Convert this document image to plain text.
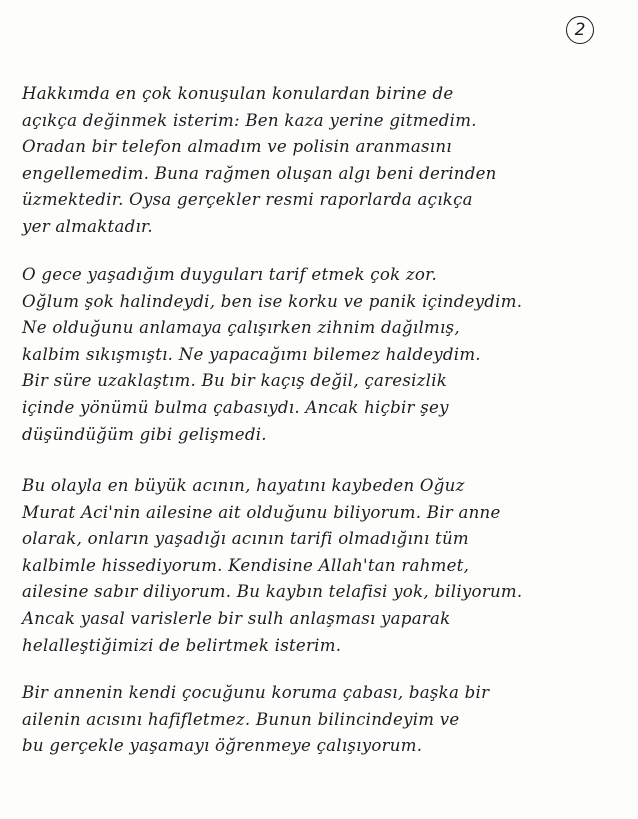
2
Hakkımda en çok konuşulan konulardan birine de
açıkça değinmek isterim: Ben kaza yerine gitmedim.
Oradan bir telefon almadım ve polisin aranmasını
engellemedim. Buna rağmen oluşan algı beni derinden
üzmektedir. Oysa gerçekler resmi raporlarda açıkça
yer almaktadır.
O gece yaşadığım duyguları tarif etmek çok zor.
Oğlum şok halindeydi, ben ise korku ve panik içindeydim.
Ne olduğunu anlamaya çalışırken zihnim dağılmış,
kalbim sıkışmıştı. Ne yapacağımı bilemez haldeydim.
Bir süre uzaklaştım. Bu bir kaçış değil, çaresizlik
içinde yönümü bulma çabasıydı. Ancak hiçbir şey
düşündüğüm gibi gelişmedi.
Bu olayla en büyük acının, hayatını kaybeden Oğuz
Murat Aci'nin ailesine ait olduğunu biliyorum. Bir anne
olarak, onların yaşadığı acının tarifi olmadığını tüm
kalbimle hissediyorum. Kendisine Allah'tan rahmet,
ailesine sabır diliyorum. Bu kaybın telafisi yok, biliyorum.
Ancak yasal varislerle bir sulh anlaşması yaparak
helalleştiğimizi de belirtmek isterim.
Bir annenin kendi çocuğunu koruma çabası, başka bir
ailenin acısını hafifletmez. Bunun bilincindeyim ve
bu gerçekle yaşamayı öğrenmeye çalışıyorum.
